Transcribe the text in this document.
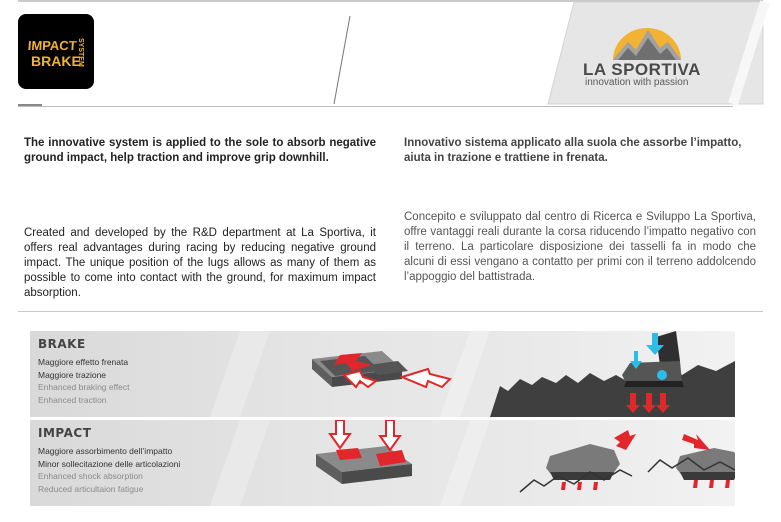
IMPACT
BRAKE
SYSTEM
LA SPORTIVA
innovation with passion
The innovative system is applied to the sole to absorb negative ground impact, help traction and improve grip downhill.
Innovativo sistema applicato alla suola che assorbe l’impatto, aiuta in trazione e trattiene in frenata.
Created and developed by the R&D department at La Sportiva, it offers real advantages during racing by reducing negative ground impact. The unique position of the lugs allows as many of them as possible to come into contact with the ground, for maximum impact absorption.
Concepito e sviluppato dal centro di Ricerca e Sviluppo La Sportiva, offre vantaggi reali durante la corsa riducendo l’impatto negativo con il terreno. La particolare disposizione dei tasselli fa in modo che alcuni di essi vengano a contatto per primi con il terreno addolcendo l’appoggio del battistrada.
BRAKE
Maggiore effetto frenata
Maggiore trazione
Enhanced braking effect
Enhanced traction
IMPACT
Maggiore assorbimento dell’impatto
Minor sollecitazione delle articolazioni
Enhanced shock absorption
Reduced articultaion fatigue
